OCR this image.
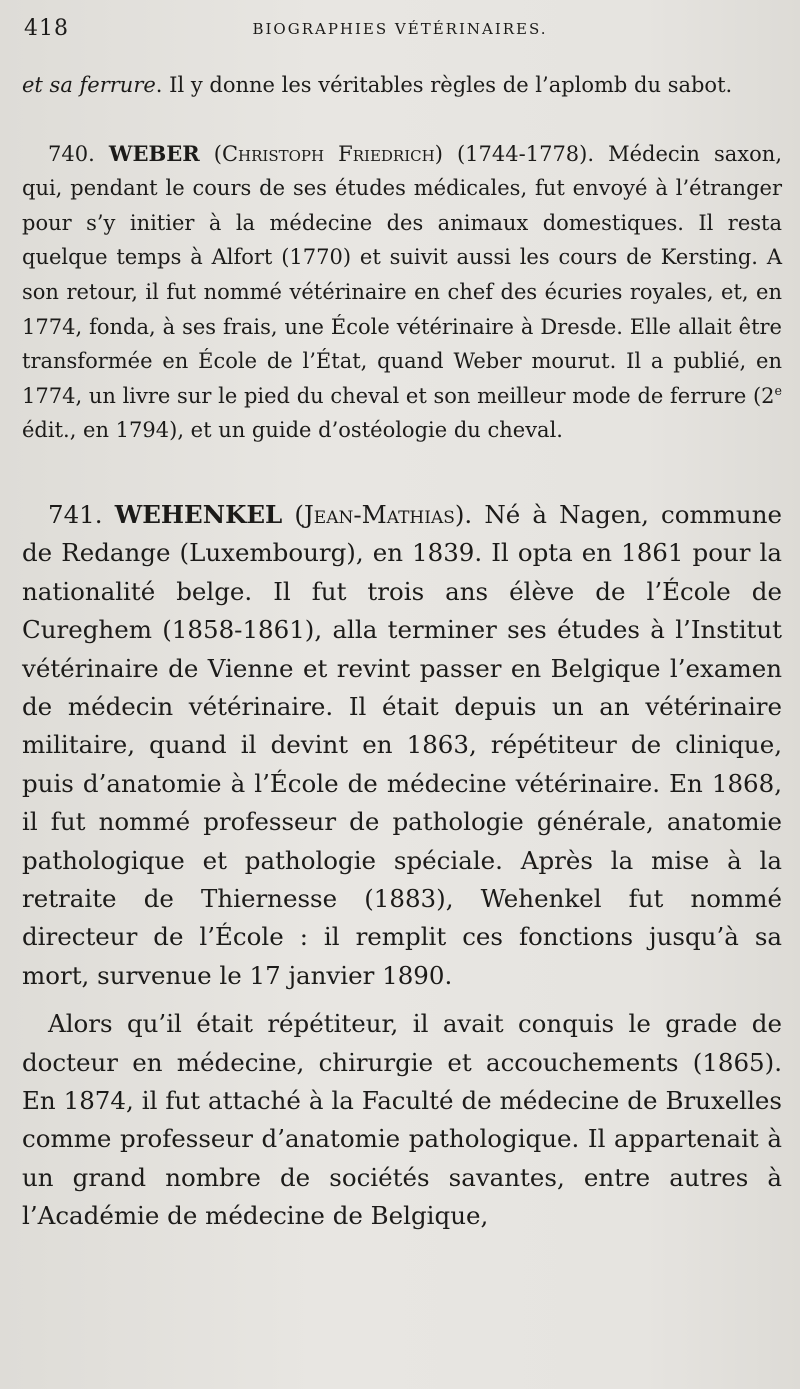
418	BIOGRAPHIES VÉTÉRINAIRES.

et sa ferrure. Il y donne les véritables règles de l’aplomb du sabot.

740. WEBER (Christoph Friedrich) (1744-1778). Médecin saxon, qui, pendant le cours de ses études médicales, fut envoyé à l’étranger pour s’y initier à la médecine des animaux domestiques. Il resta quelque temps à Alfort (1770) et suivit aussi les cours de Kersting. A son retour, il fut nommé vétérinaire en chef des écuries royales, et, en 1774, fonda, à ses frais, une École vétérinaire à Dresde. Elle allait être transformée en École de l’État, quand Weber mourut. Il a publié, en 1774, un livre sur le pied du cheval et son meilleur mode de ferrure (2e édit., en 1794), et un guide d’ostéologie du cheval.

741. WEHENKEL (Jean-Mathias). Né à Nagen, commune de Redange (Luxembourg), en 1839. Il opta en 1861 pour la nationalité belge. Il fut trois ans élève de l’École de Cureghem (1858-1861), alla terminer ses études à l’Institut vétérinaire de Vienne et revint passer en Belgique l’examen de médecin vétérinaire. Il était depuis un an vétérinaire militaire, quand il devint en 1863, répétiteur de clinique, puis d’anatomie à l’École de médecine vétérinaire. En 1868, il fut nommé professeur de pathologie générale, anatomie pathologique et pathologie spéciale. Après la mise à la retraite de Thiernesse (1883), Wehenkel fut nommé directeur de l’École : il remplit ces fonctions jusqu’à sa mort, survenue le 17 janvier 1890.

Alors qu’il était répétiteur, il avait conquis le grade de docteur en médecine, chirurgie et accouchements (1865). En 1874, il fut attaché à la Faculté de médecine de Bruxelles comme professeur d’anatomie pathologique. Il appartenait à un grand nombre de sociétés savantes, entre autres à l’Académie de médecine de Belgique,
